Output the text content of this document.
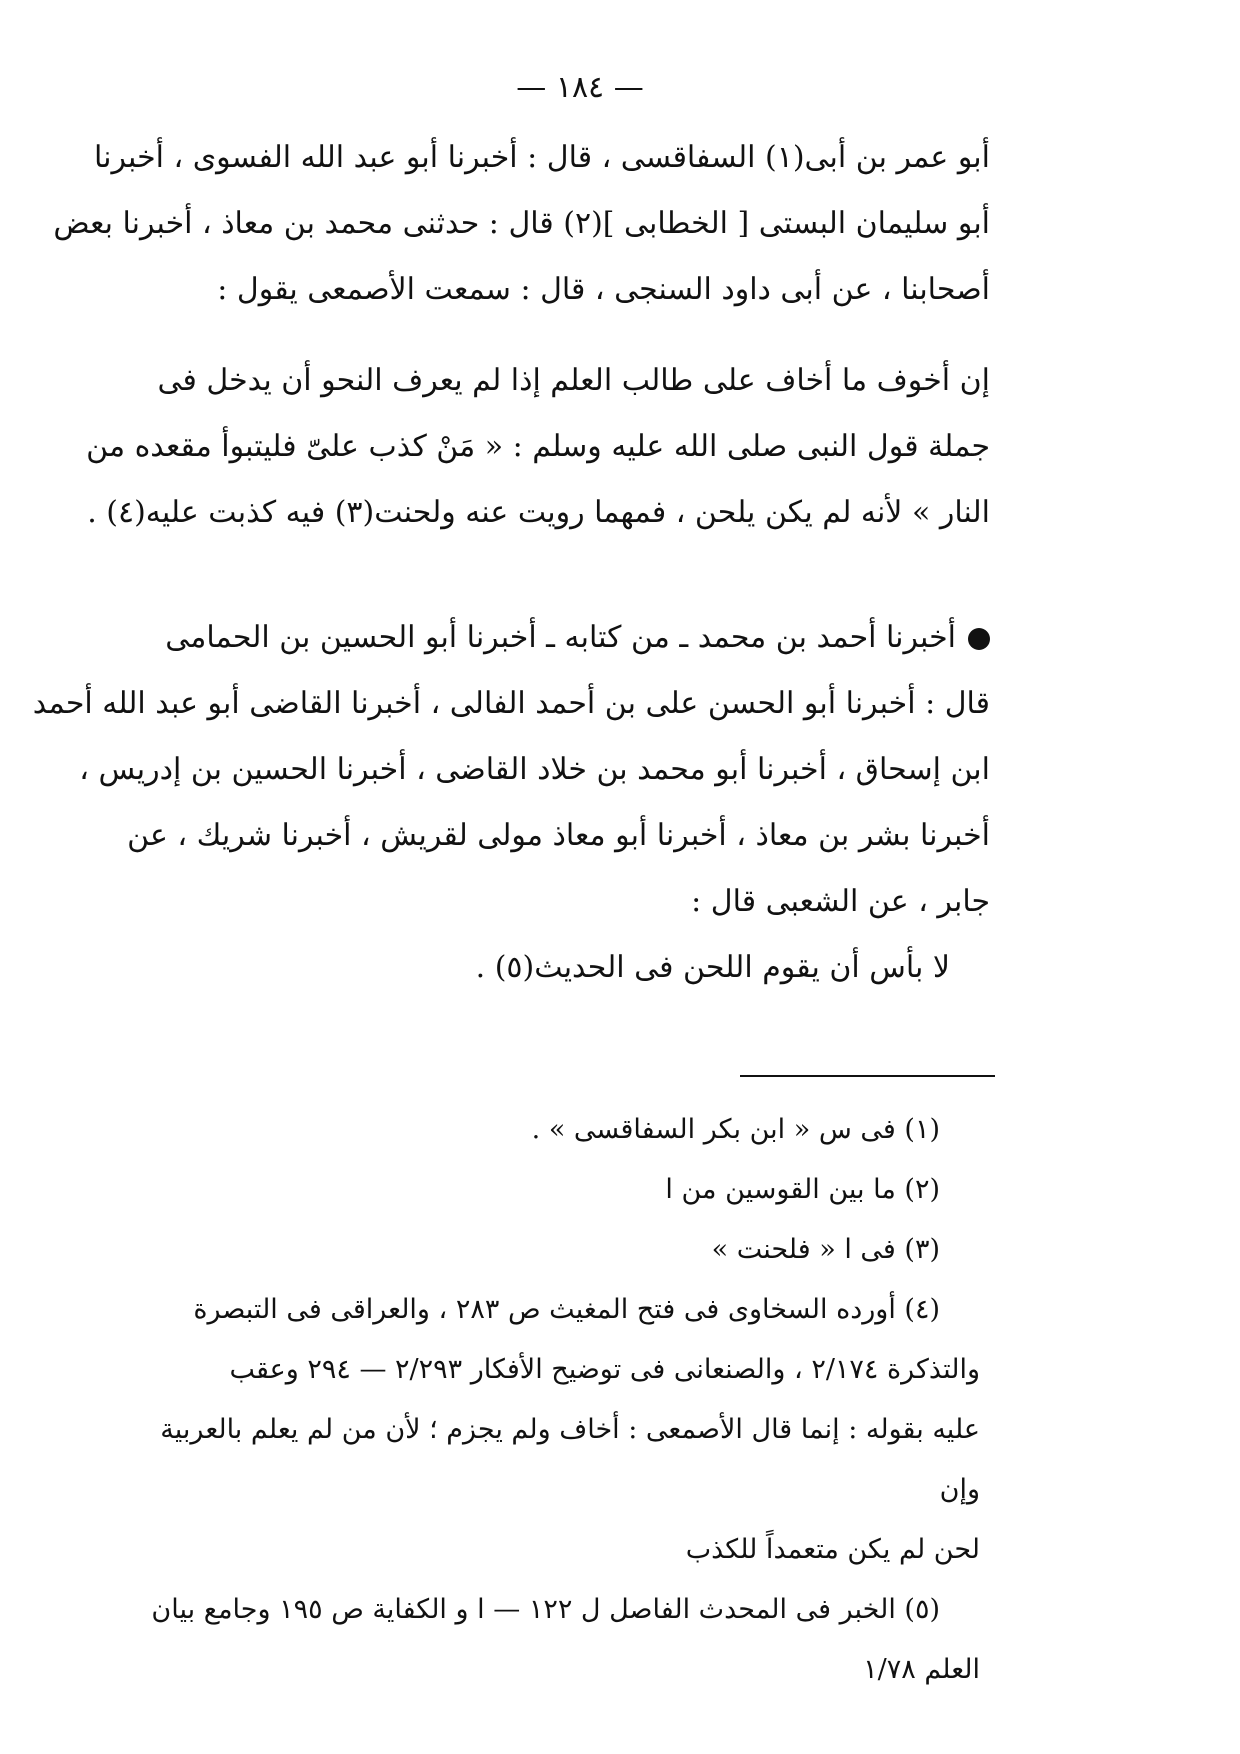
— ١٨٤ —
أبو عمر بن أبى(١) السفاقسى ، قال : أخبرنا أبو عبد الله الفسوى ، أخبرنا
أبو سليمان البستى [ الخطابى ](٢) قال : حدثنى محمد بن معاذ ، أخبرنا بعض
أصحابنا ، عن أبى داود السنجى ، قال : سمعت الأصمعى يقول :
إن أخوف ما أخاف على طالب العلم إذا لم يعرف النحو أن يدخل فى
جملة قول النبى صلى الله عليه وسلم : « مَنْ كذب علىّ فليتبوأ مقعده من
النار » لأنه لم يكن يلحن ، فمهما رويت عنه ولحنت(٣) فيه كذبت عليه(٤) .
أخبرنا أحمد بن محمد ـ من كتابه ـ أخبرنا أبو الحسين بن الحمامى
قال : أخبرنا أبو الحسن على بن أحمد الفالى ، أخبرنا القاضى أبو عبد الله أحمد
ابن إسحاق ، أخبرنا أبو محمد بن خلاد القاضى ، أخبرنا الحسين بن إدريس ،
أخبرنا بشر بن معاذ ، أخبرنا أبو معاذ مولى لقريش ، أخبرنا شريك ، عن
جابر ، عن الشعبى قال :
لا بأس أن يقوم اللحن فى الحديث(٥) .
(١) فى س « ابن بكر السفاقسى » .
(٢) ما بين القوسين من ا
(٣) فى ا « فلحنت »
(٤) أورده السخاوى فى فتح المغيث ص ٢٨٣ ، والعراقى فى التبصرة
والتذكرة ٢/١٧٤ ، والصنعانى فى توضيح الأفكار ٢/٢٩٣ — ٢٩٤ وعقب
عليه بقوله : إنما قال الأصمعى : أخاف ولم يجزم ؛ لأن من لم يعلم بالعربية وإن
لحن لم يكن متعمداً للكذب
(٥) الخبر فى المحدث الفاصل ل ١٢٢ — ا و الكفاية ص ١٩٥ وجامع بيان
العلم ١/٧٨
